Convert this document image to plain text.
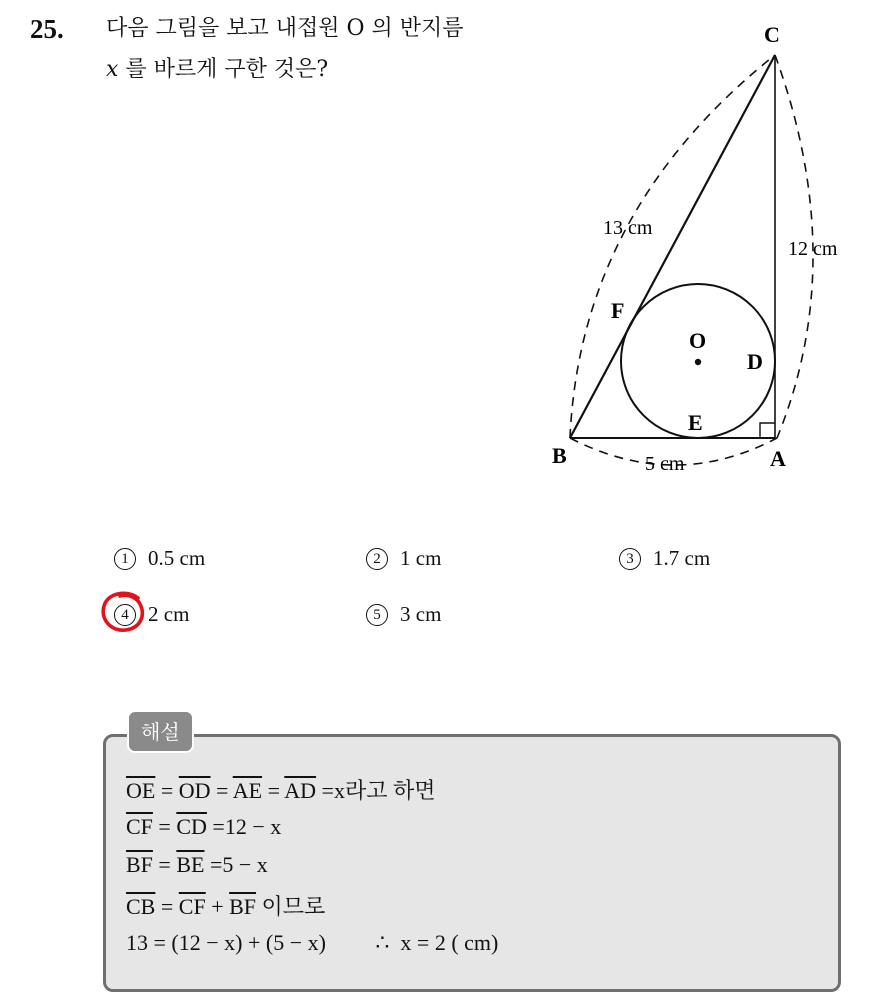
25. 다음 그림을 보고 내접원 O 의 반지름
x 를 바르게 구한 것은?
C
B	A
O
D
E
F
13 cm
12 cm
5 cm
1 0.5 cm	2 1 cm	3 1.7 cm
4 2 cm	5 3 cm
해설
$\overline{OE} = \overline{OD} = \overline{AE} = \overline{AD} =x$라고 하면
$\overline{CF} = \overline{CD} =12 - x$
$\overline{BF} = \overline{BE} =5 - x$
$\overline{CB} = \overline{CF} + \overline{BF}$ 이므로
13 = (12 − x) + (5 − x)         ∴  x = 2 ( cm)
